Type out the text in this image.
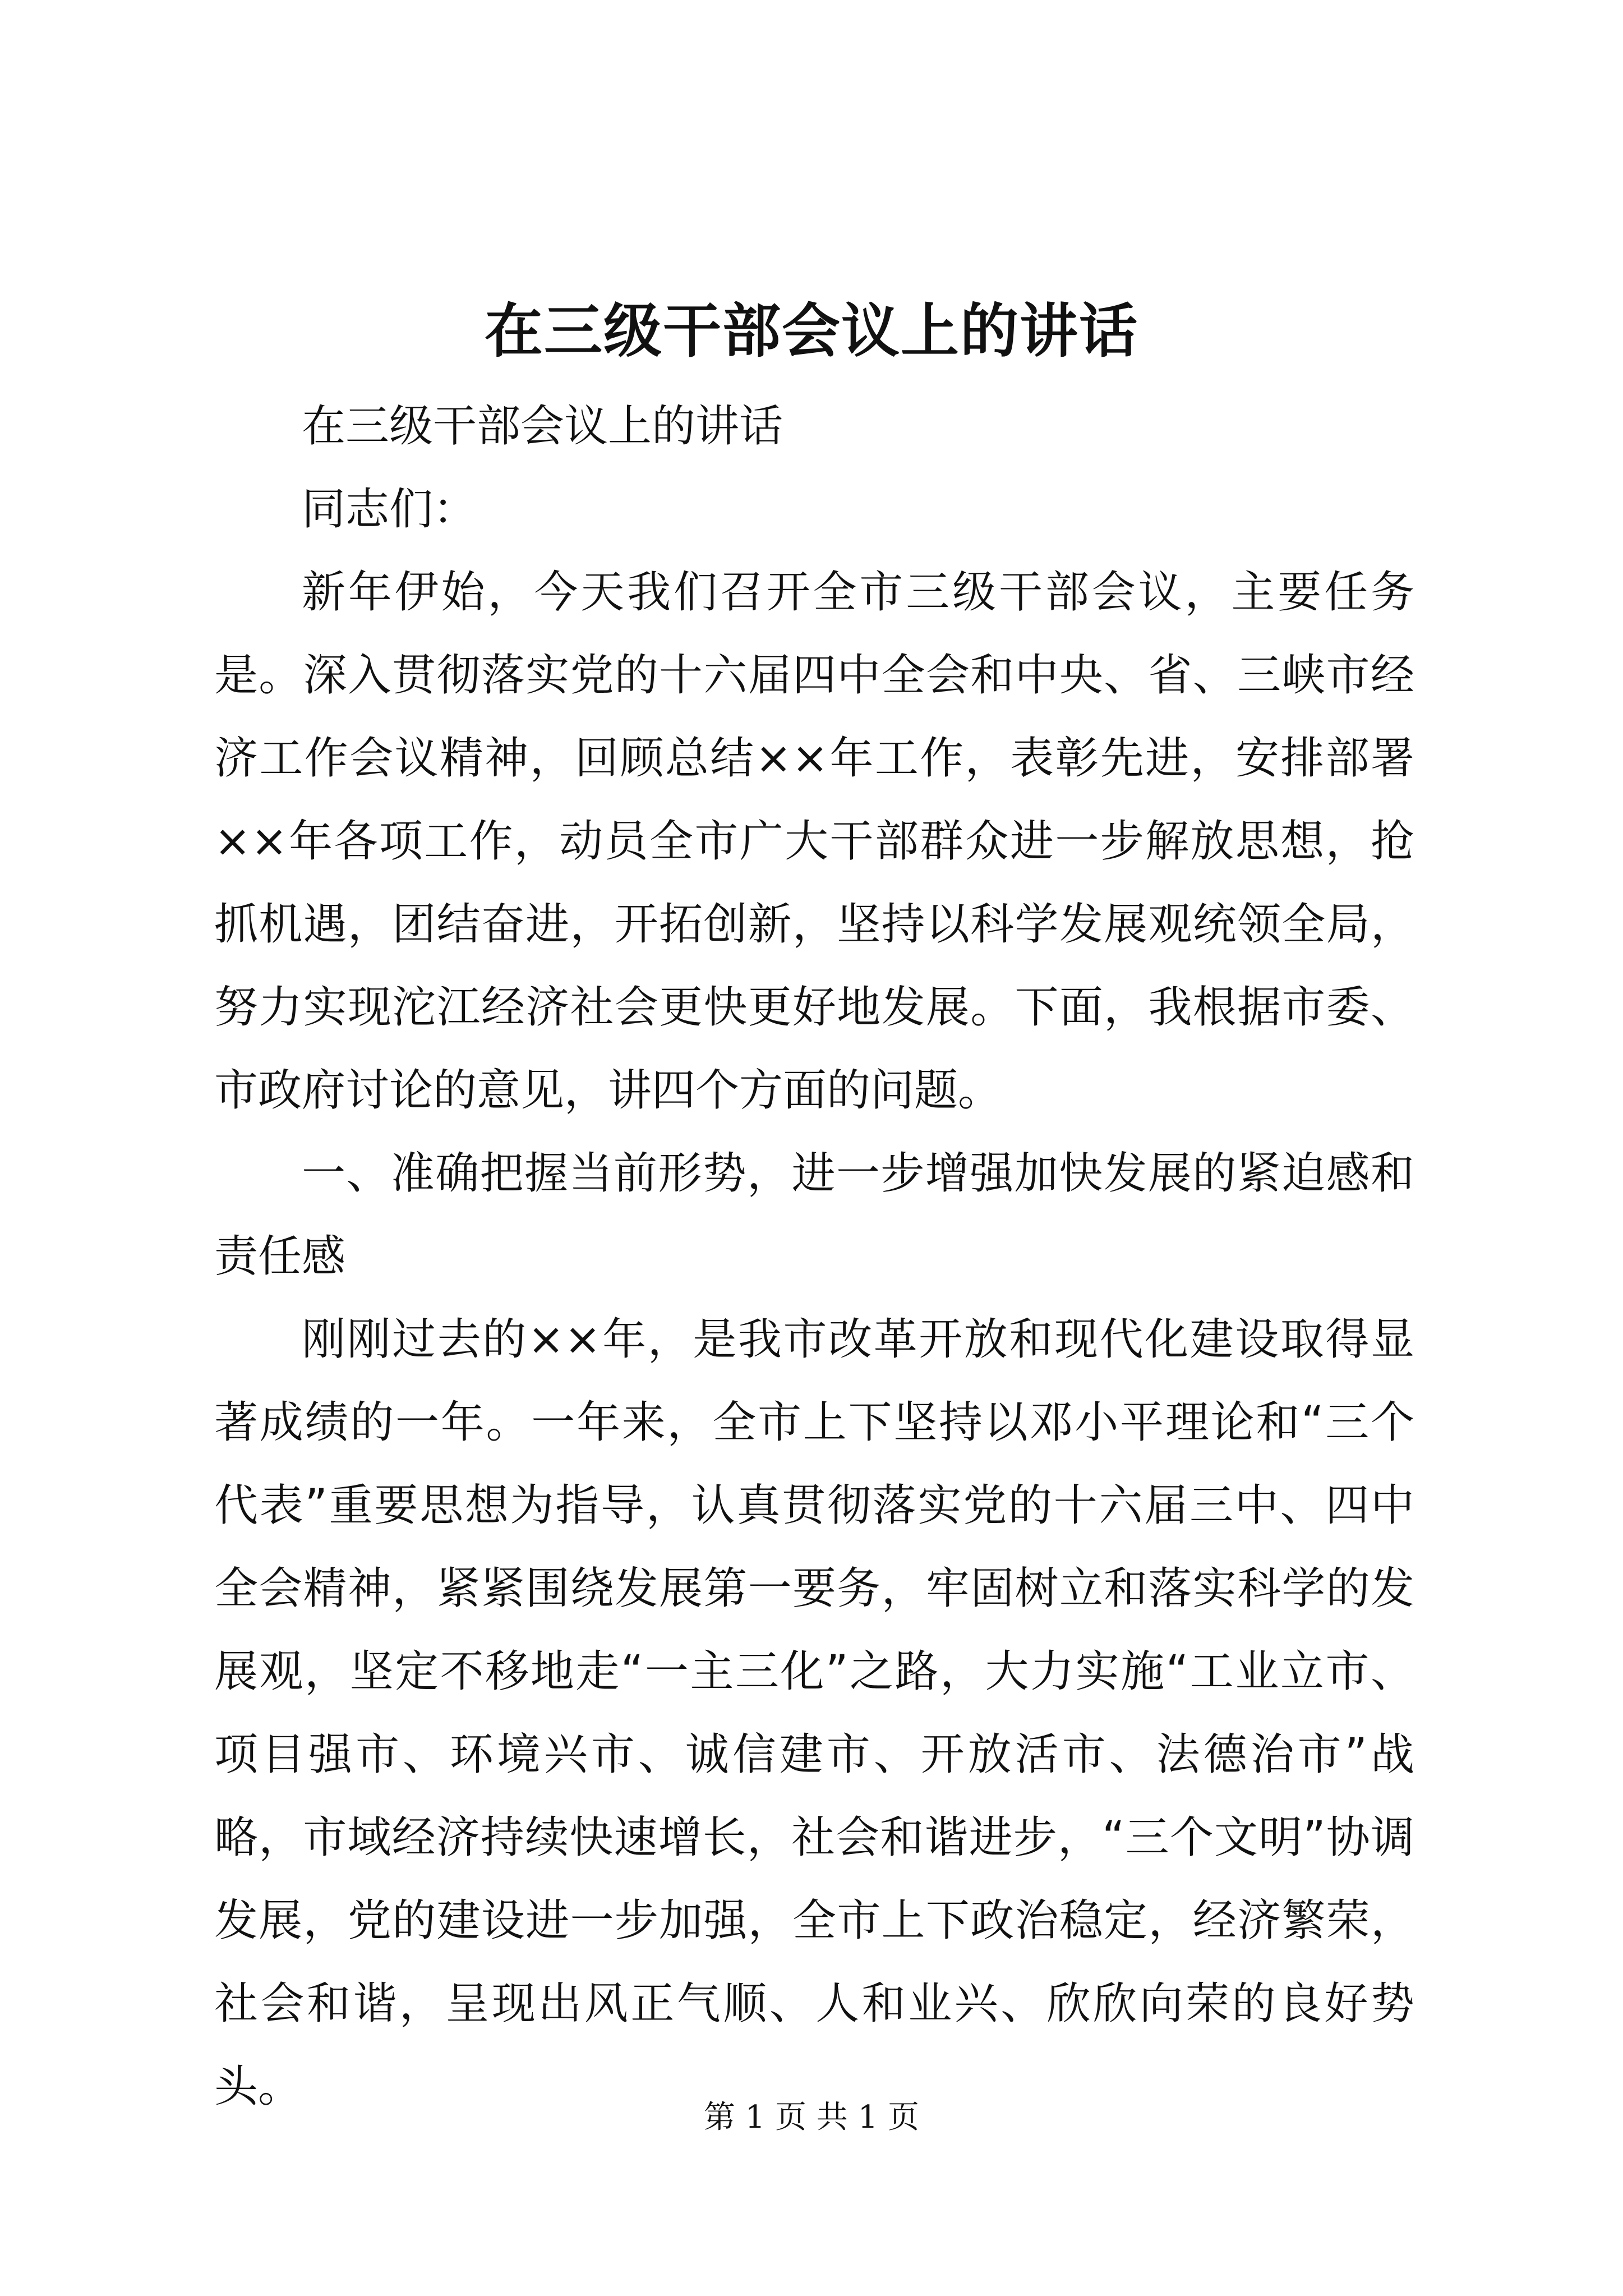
在三级干部会议上的讲话

在三级干部会议上的讲话

同志们：

新年伊始，今天我们召开全市三级干部会议，主要任务是。深入贯彻落实党的十六届四中全会和中央、省、三峡市经济工作会议精神，回顾总结××年工作，表彰先进，安排部署××年各项工作，动员全市广大干部群众进一步解放思想，抢抓机遇，团结奋进，开拓创新，坚持以科学发展观统领全局，努力实现沱江经济社会更快更好地发展。下面，我根据市委、市政府讨论的意见，讲四个方面的问题。

一、准确把握当前形势，进一步增强加快发展的紧迫感和责任感

刚刚过去的××年，是我市改革开放和现代化建设取得显著成绩的一年。一年来，全市上下坚持以邓小平理论和“三个代表”重要思想为指导，认真贯彻落实党的十六届三中、四中全会精神，紧紧围绕发展第一要务，牢固树立和落实科学的发展观，坚定不移地走“一主三化”之路，大力实施“工业立市、项目强市、环境兴市、诚信建市、开放活市、法德治市”战略，市域经济持续快速增长，社会和谐进步，“三个文明”协调发展，党的建设进一步加强，全市上下政治稳定，经济繁荣，社会和谐，呈现出风正气顺、人和业兴、欣欣向荣的良好势头。

第 1 页 共 1 页
